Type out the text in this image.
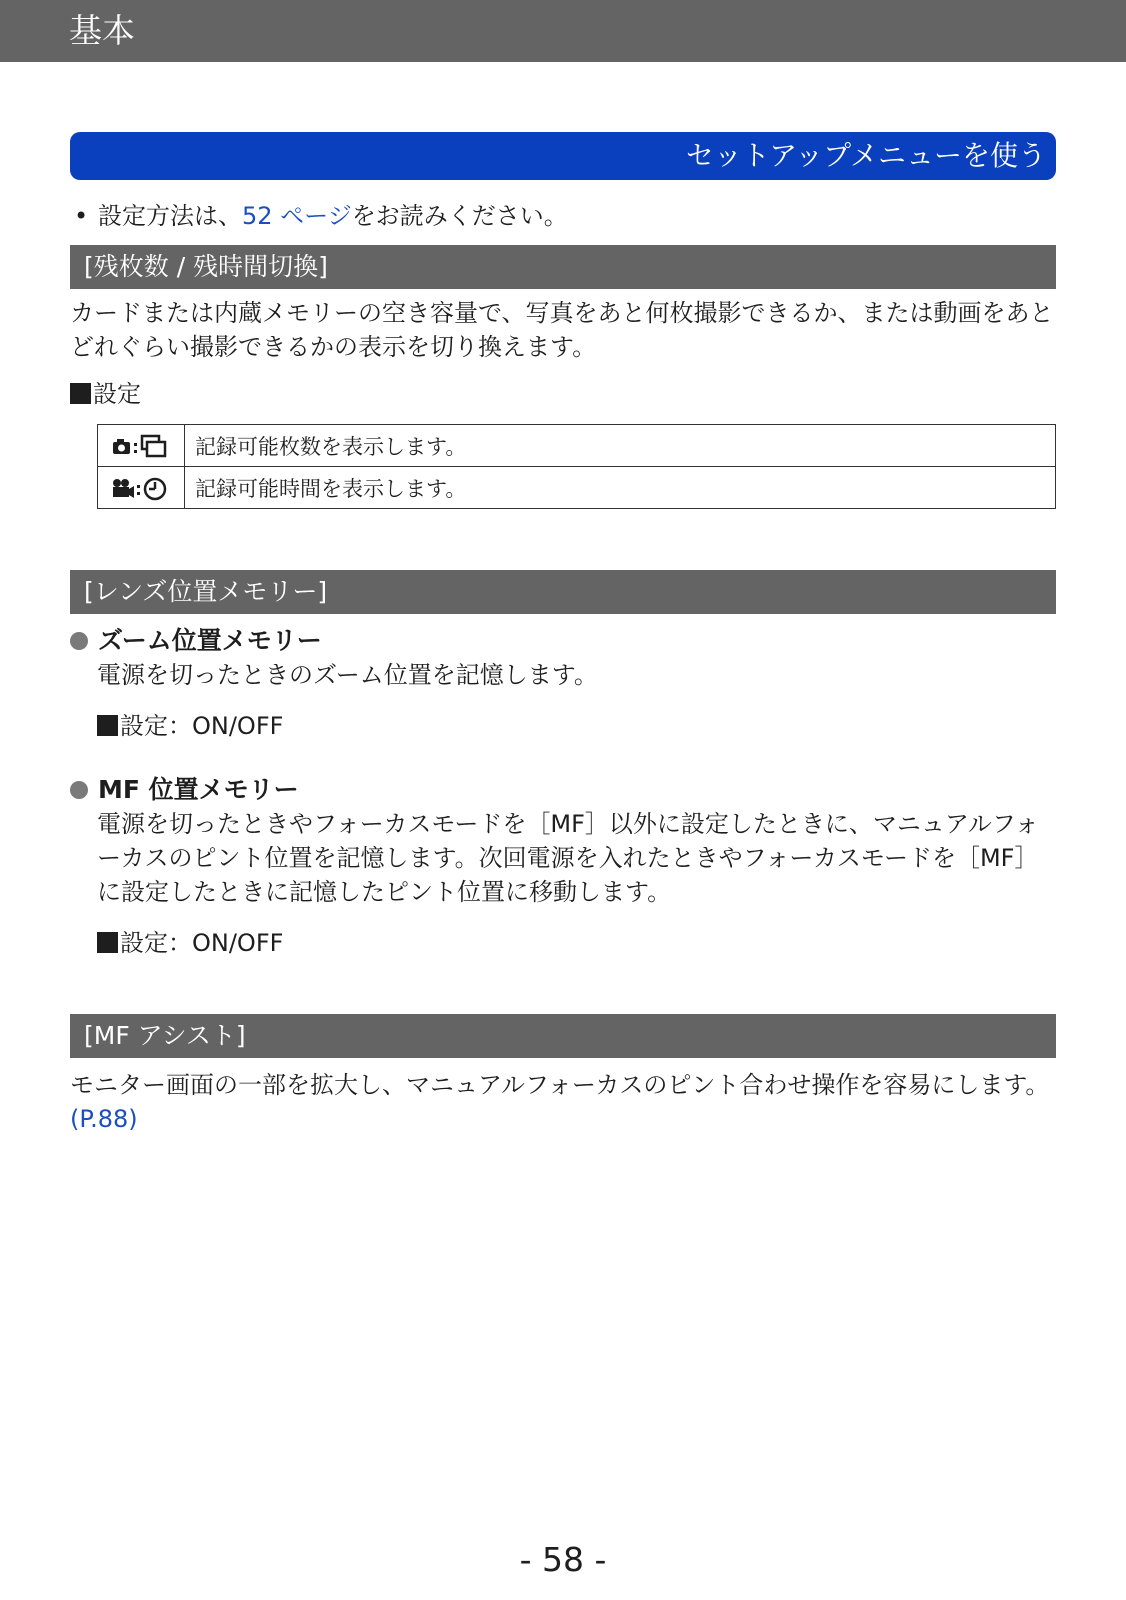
基本
セットアップメニューを使う
• 設定方法は、52 ページをお読みください。
[残枚数 / 残時間切換]
カードまたは内蔵メモリーの空き容量で、写真をあと何枚撮影できるか、または動画をあとどれぐらい撮影できるかの表示を切り換えます。
設定
	記録可能枚数を表示します。

	記録可能時間を表示します。
[レンズ位置メモリー]
ズーム位置メモリー
電源を切ったときのズーム位置を記憶します。
設定：ON/OFF
MF 位置メモリー
電源を切ったときやフォーカスモードを［MF］以外に設定したときに、マニュアルフォーカスのピント位置を記憶します。次回電源を入れたときやフォーカスモードを［MF］に設定したときに記憶したピント位置に移動します。
設定：ON/OFF
[MF アシスト]
モニター画面の一部を拡大し、マニュアルフォーカスのピント合わせ操作を容易にします。(P.88)
- 58 -
